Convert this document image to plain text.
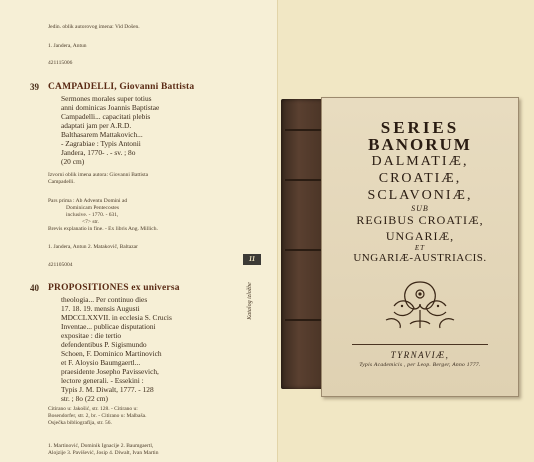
Jedin. oblik autorovog imena: Vid Došen.
1. Jandera, Antun
421115006
39 CAMPADELLI, Giovanni Battista
Sermones morales super totius
anni dominicas Joannis Baptistae
Campadelli... capacitati plebis
adaptati jam per A.R.D.
Balthasarem Mattakovich...
- Zagrabiae : Typis Antonii
Jandera, 1770- . - sv. ; 8o
(20 cm)
Izvorni oblik imena autora: Giovanni Battista
Campadelli.
Pars prima : Ab Adventu Domini ad
Dominicam Pentecostes
inclusive. - 1770. - 631,
<7> str.
Brevis explanatio in fine. - Ex libris Ang. Millich.
1. Jandera, Antun 2. Matakovič, Baltazar
421105004
40 PROPOSITIONES ex universa
theologia... Per continuo dies
17. 18. 19. mensis Augusti
MDCCLXXVII. in ecclesia S. Crucis
Inventae... publicae disputationi
expositae : die tertio
defendentibus P. Sigismundo
Schoen, F. Dominico Martinovich
et F. Aloysio Baumgaertl...
praesidente Josepho Pavissevich,
lectore generali. - Essekini :
Typis J. M. Diwalt, 1777. - 128
str. ; 8o (22 cm)
Citirano u: Jakošić, str. 128. - Citirano u:
Bosendorfer, str. 2, br. - Citirano u: Malbaša.
Osječka bibliografija, str. 56.
1. Martinović, Dominik Ignacije 2. Baumgaertl,
Alojzije 3. Pavišević, Josip 4. Diwalt, Ivan Martin
11
Katalog izložbe
SERIES
BANORUM
DALMATIÆ,
CROATIÆ,
SCLAVONIÆ,
SUB
REGIBUS CROATIÆ,
UNGARIÆ,
ET
UNGARIÆ-AUSTRIACIS.
TYRNAVIÆ,
Typis Academicis , per Leop. Berger, Anno 1777.
